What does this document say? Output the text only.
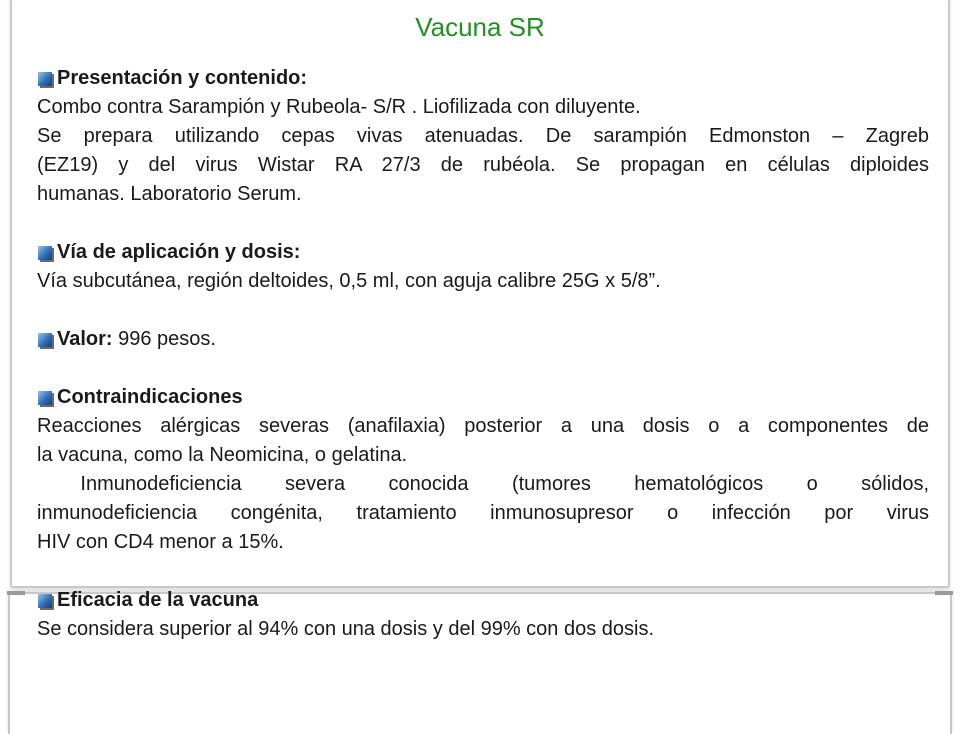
Vacuna SR
Presentación y contenido:
Combo contra Sarampión y Rubeola- S/R . Liofilizada con diluyente.
Se prepara utilizando cepas vivas atenuadas. De sarampión Edmonston – Zagreb
(EZ19) y del virus Wistar RA 27/3 de rubéola. Se propagan en células diploides
humanas. Laboratorio Serum.
Vía de aplicación y dosis:
Vía subcutánea, región deltoides, 0,5 ml, con aguja calibre 25G x 5/8”.
Valor: 996 pesos.
Contraindicaciones
Reacciones alérgicas severas (anafilaxia) posterior a una dosis o a componentes de
la vacuna, como la Neomicina, o gelatina.
Inmunodeficiencia severa conocida (tumores hematológicos o sólidos,
inmunodeficiencia congénita, tratamiento inmunosupresor o infección por virus
HIV con CD4 menor a 15%.
Eficacia de la vacuna
Se considera superior al 94% con una dosis y del 99% con dos dosis.
